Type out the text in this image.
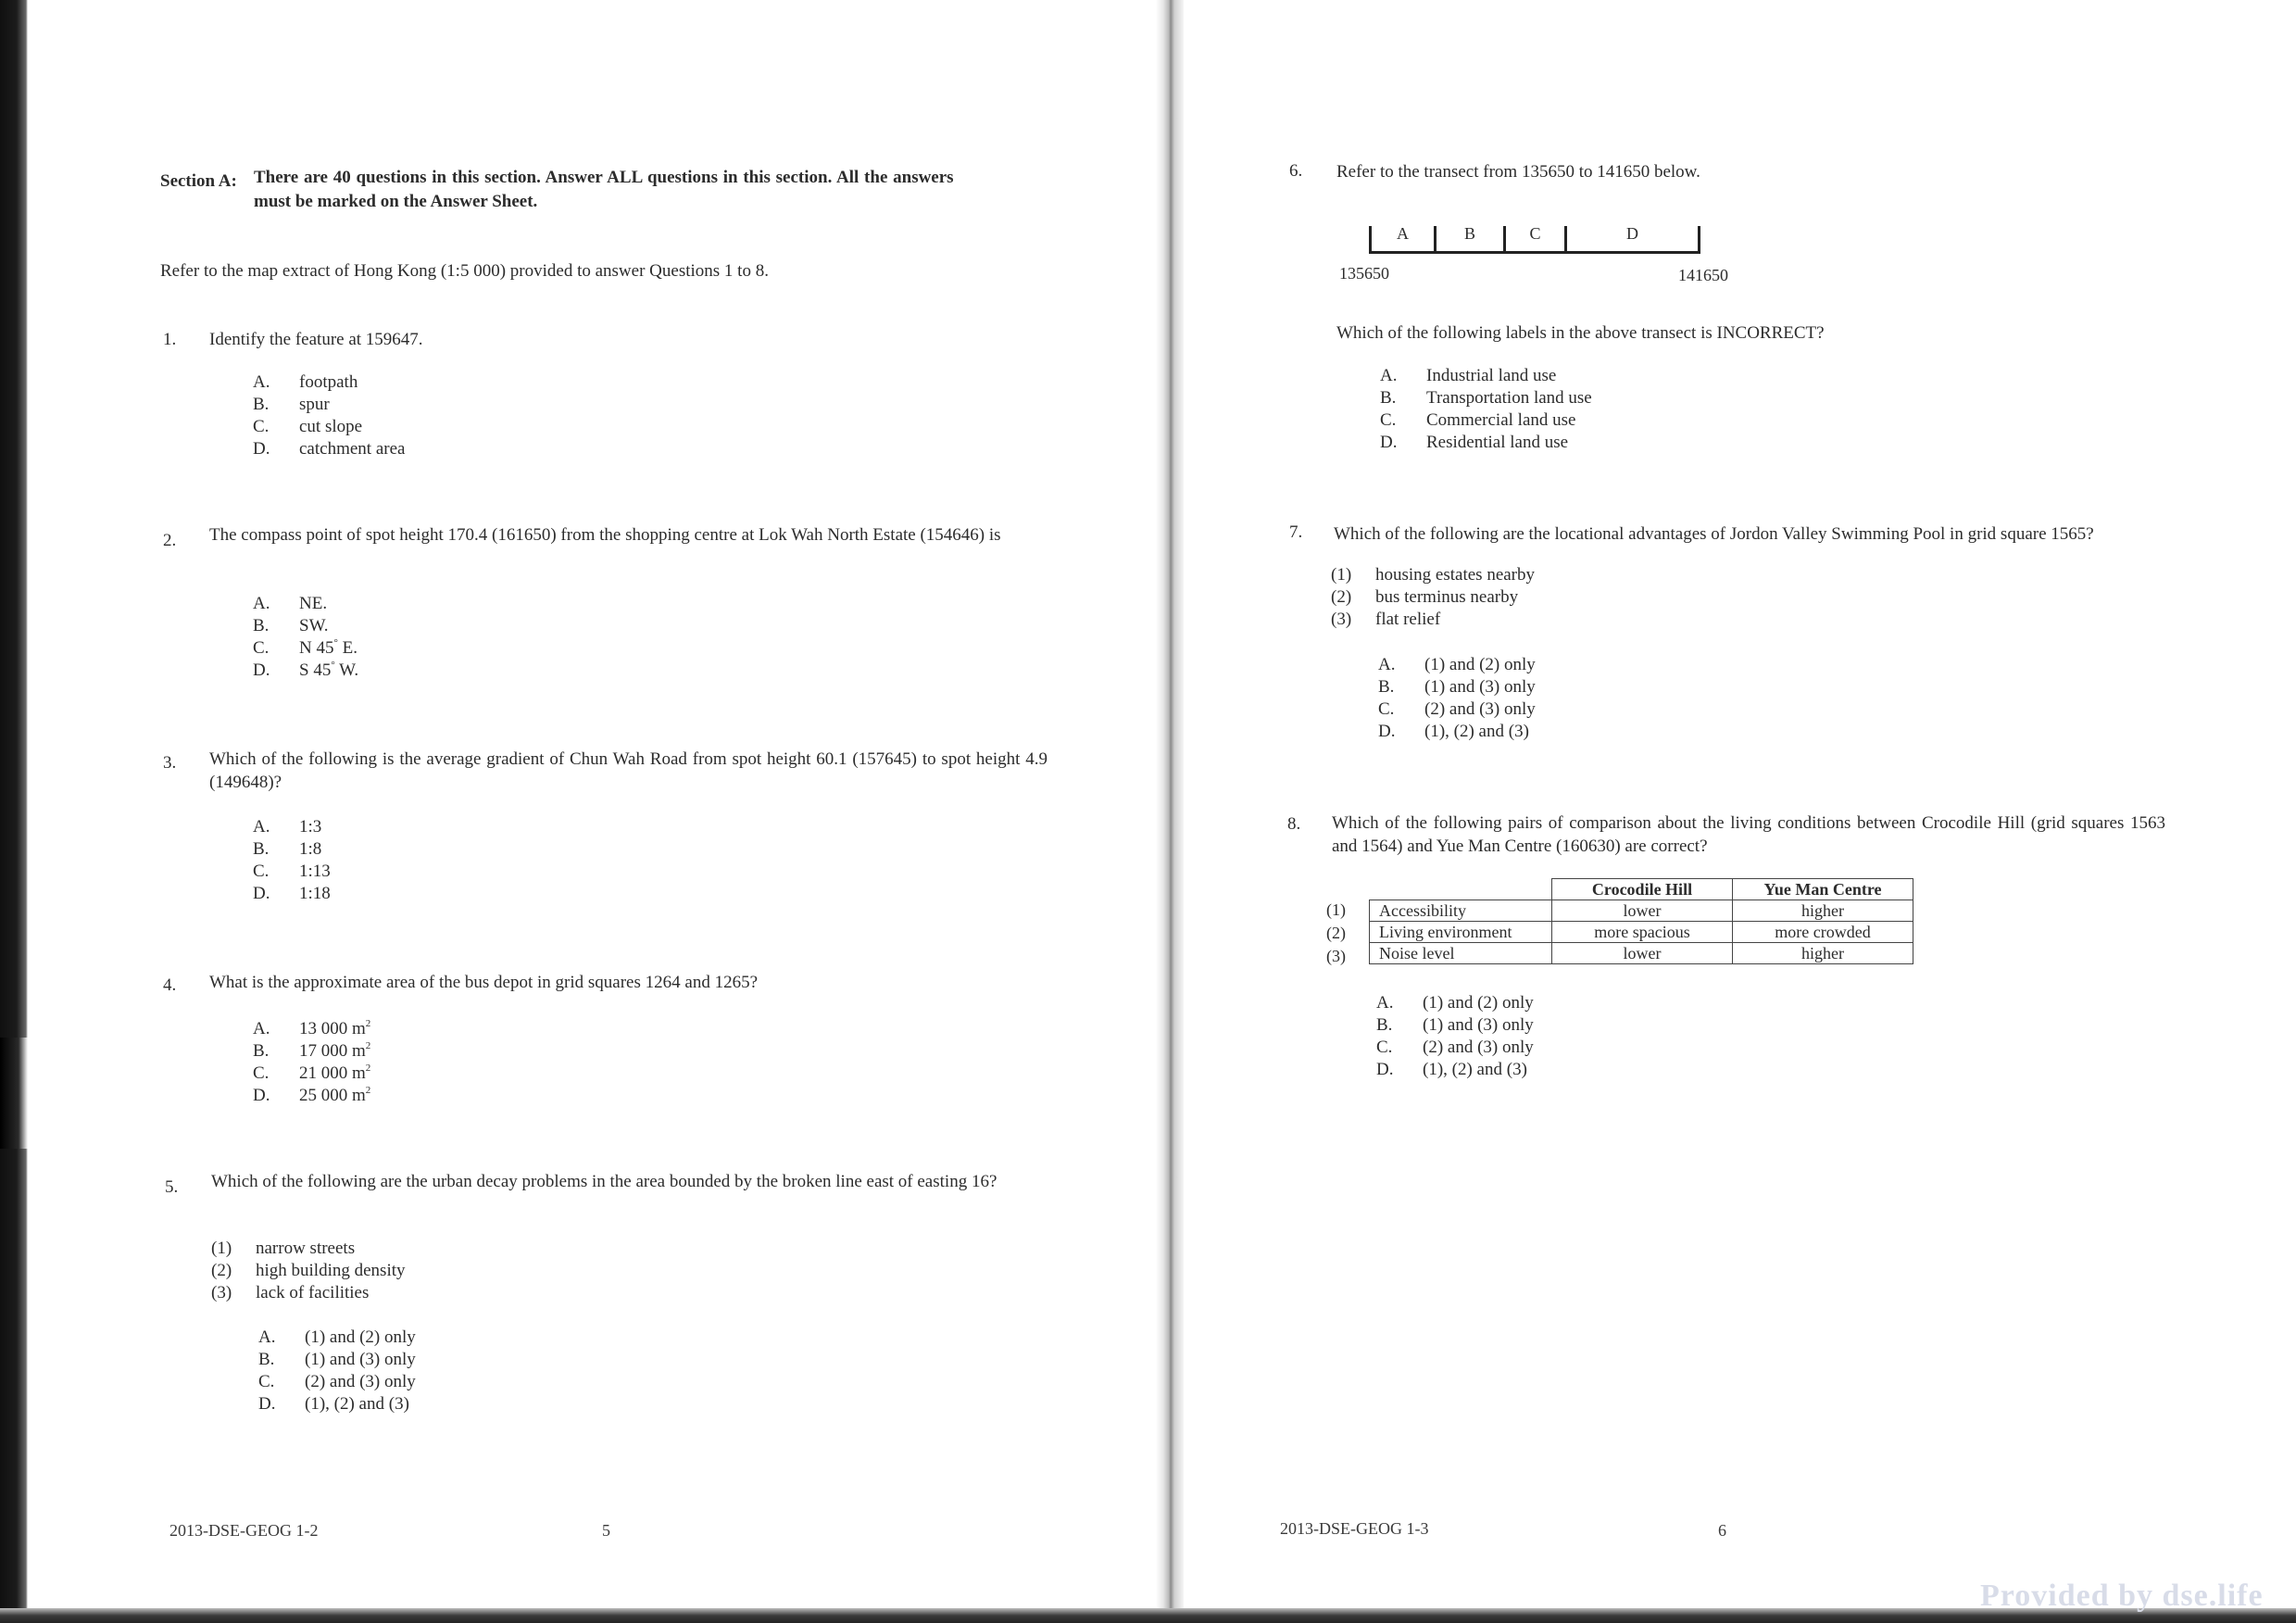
Section A: There are 40 questions in this section. Answer ALL questions in this section. All the answers
must be marked on the Answer Sheet.
Refer to the map extract of Hong Kong (1:5 000) provided to answer Questions 1 to 8.
1. Identify the feature at 159647.
A. footpath
B. spur
C. cut slope
D. catchment area
2. The compass point of spot height 170.4 (161650) from the shopping centre at Lok Wah North Estate (154646) is
A. NE.
B. SW.
C. N 45° E.
D. S 45° W.
3. Which of the following is the average gradient of Chun Wah Road from spot height 60.1 (157645) to spot height 4.9 (149648)?
A. 1:3
B. 1:8
C. 1:13
D. 1:18
4. What is the approximate area of the bus depot in grid squares 1264 and 1265?
A. 13 000 $m^2$
B. 17 000 $m^2$
C. 21 000 $m^2$
D. 25 000 $m^2$
5. Which of the following are the urban decay problems in the area bounded by the broken line east of easting 16?
(1) narrow streets
(2) high building density
(3) lack of facilities
A. (1) and (2) only
B. (1) and (3) only
C. (2) and (3) only
D. (1), (2) and (3)
2013-DSE-GEOG 1-2	5
6. Refer to the transect from 135650 to 141650 below.
A	B	C	D
135650	141650
Which of the following labels in the above transect is INCORRECT?
A. Industrial land use
B. Transportation land use
C. Commercial land use
D. Residential land use
7. Which of the following are the locational advantages of Jordon Valley Swimming Pool in grid square 1565?
(1) housing estates nearby
(2) bus terminus nearby
(3) flat relief
A. (1) and (2) only
B. (1) and (3) only
C. (2) and (3) only
D. (1), (2) and (3)
8. Which of the following pairs of comparison about the living conditions between Crocodile Hill (grid squares 1563 and 1564) and Yue Man Centre (160630) are correct?
	Crocodile Hill	Yue Man Centre
Accessibility	lower	higher
Living environment	more spacious	more crowded
Noise level	lower	higher
(1)
(2)
(3)
A. (1) and (2) only
B. (1) and (3) only
C. (2) and (3) only
D. (1), (2) and (3)
2013-DSE-GEOG 1-3	6
Provided by dse.life
